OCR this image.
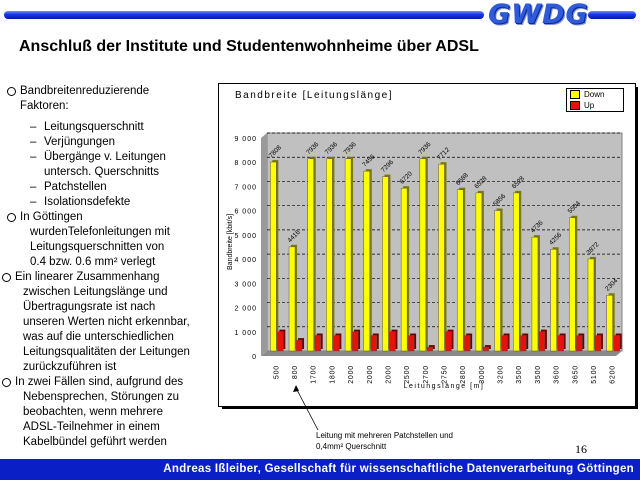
GWDG
Anschluß der Institute und Studentenwohnheime über ADSL
Bandbreitenreduzierende
Faktoren:
– Leitungsquerschnitt
– Verjüngungen
– Übergänge v. Leitungen
untersch. Querschnitts
– Patchstellen
– Isolationsdefekte
In Göttingen
wurdenTelefonleitungen mit
Leitungsquerschnitten von
0.4 bzw. 0.6 mm² verlegt
Ein linearer Zusammenhang
zwischen Leitungslänge und
Übertragungsrate ist nach
unseren Werten nicht erkennbar,
was auf die unterschiedlichen
Leitungsqualitäten der Leitungen
zurückzuführen ist
In zwei Fällen sind, aufgrund des
Nebensprechen, Störungen zu
beobachten, wenn mehrere
ADSL-Teilnehmer in einem
Kabelbündel geführt werden
Bandbreite [Leitungslänge]	Down
Up
0
1 000
2 000
3 000
4 000
5 000
6 000
7 000
8 000
9 000
Bandbreite [kbit/s]
7808
500
4416
800
7936
1700
7936
1800
7936
2000
7456
2000
7296
2000
6720
2500
7936
2700
7712
2750
6688
2800
6528
3000
5856
3200
6528
3500
4736
3500
4256
3600
5504
3650
3872
5100
2304
6200
Leitungslänge [m]
Leitung mit mehreren Patchstellen und
0,4mm² Querschnitt	16
Andreas Ißleiber, Gesellschaft für wissenschaftliche Datenverarbeitung Göttingen
